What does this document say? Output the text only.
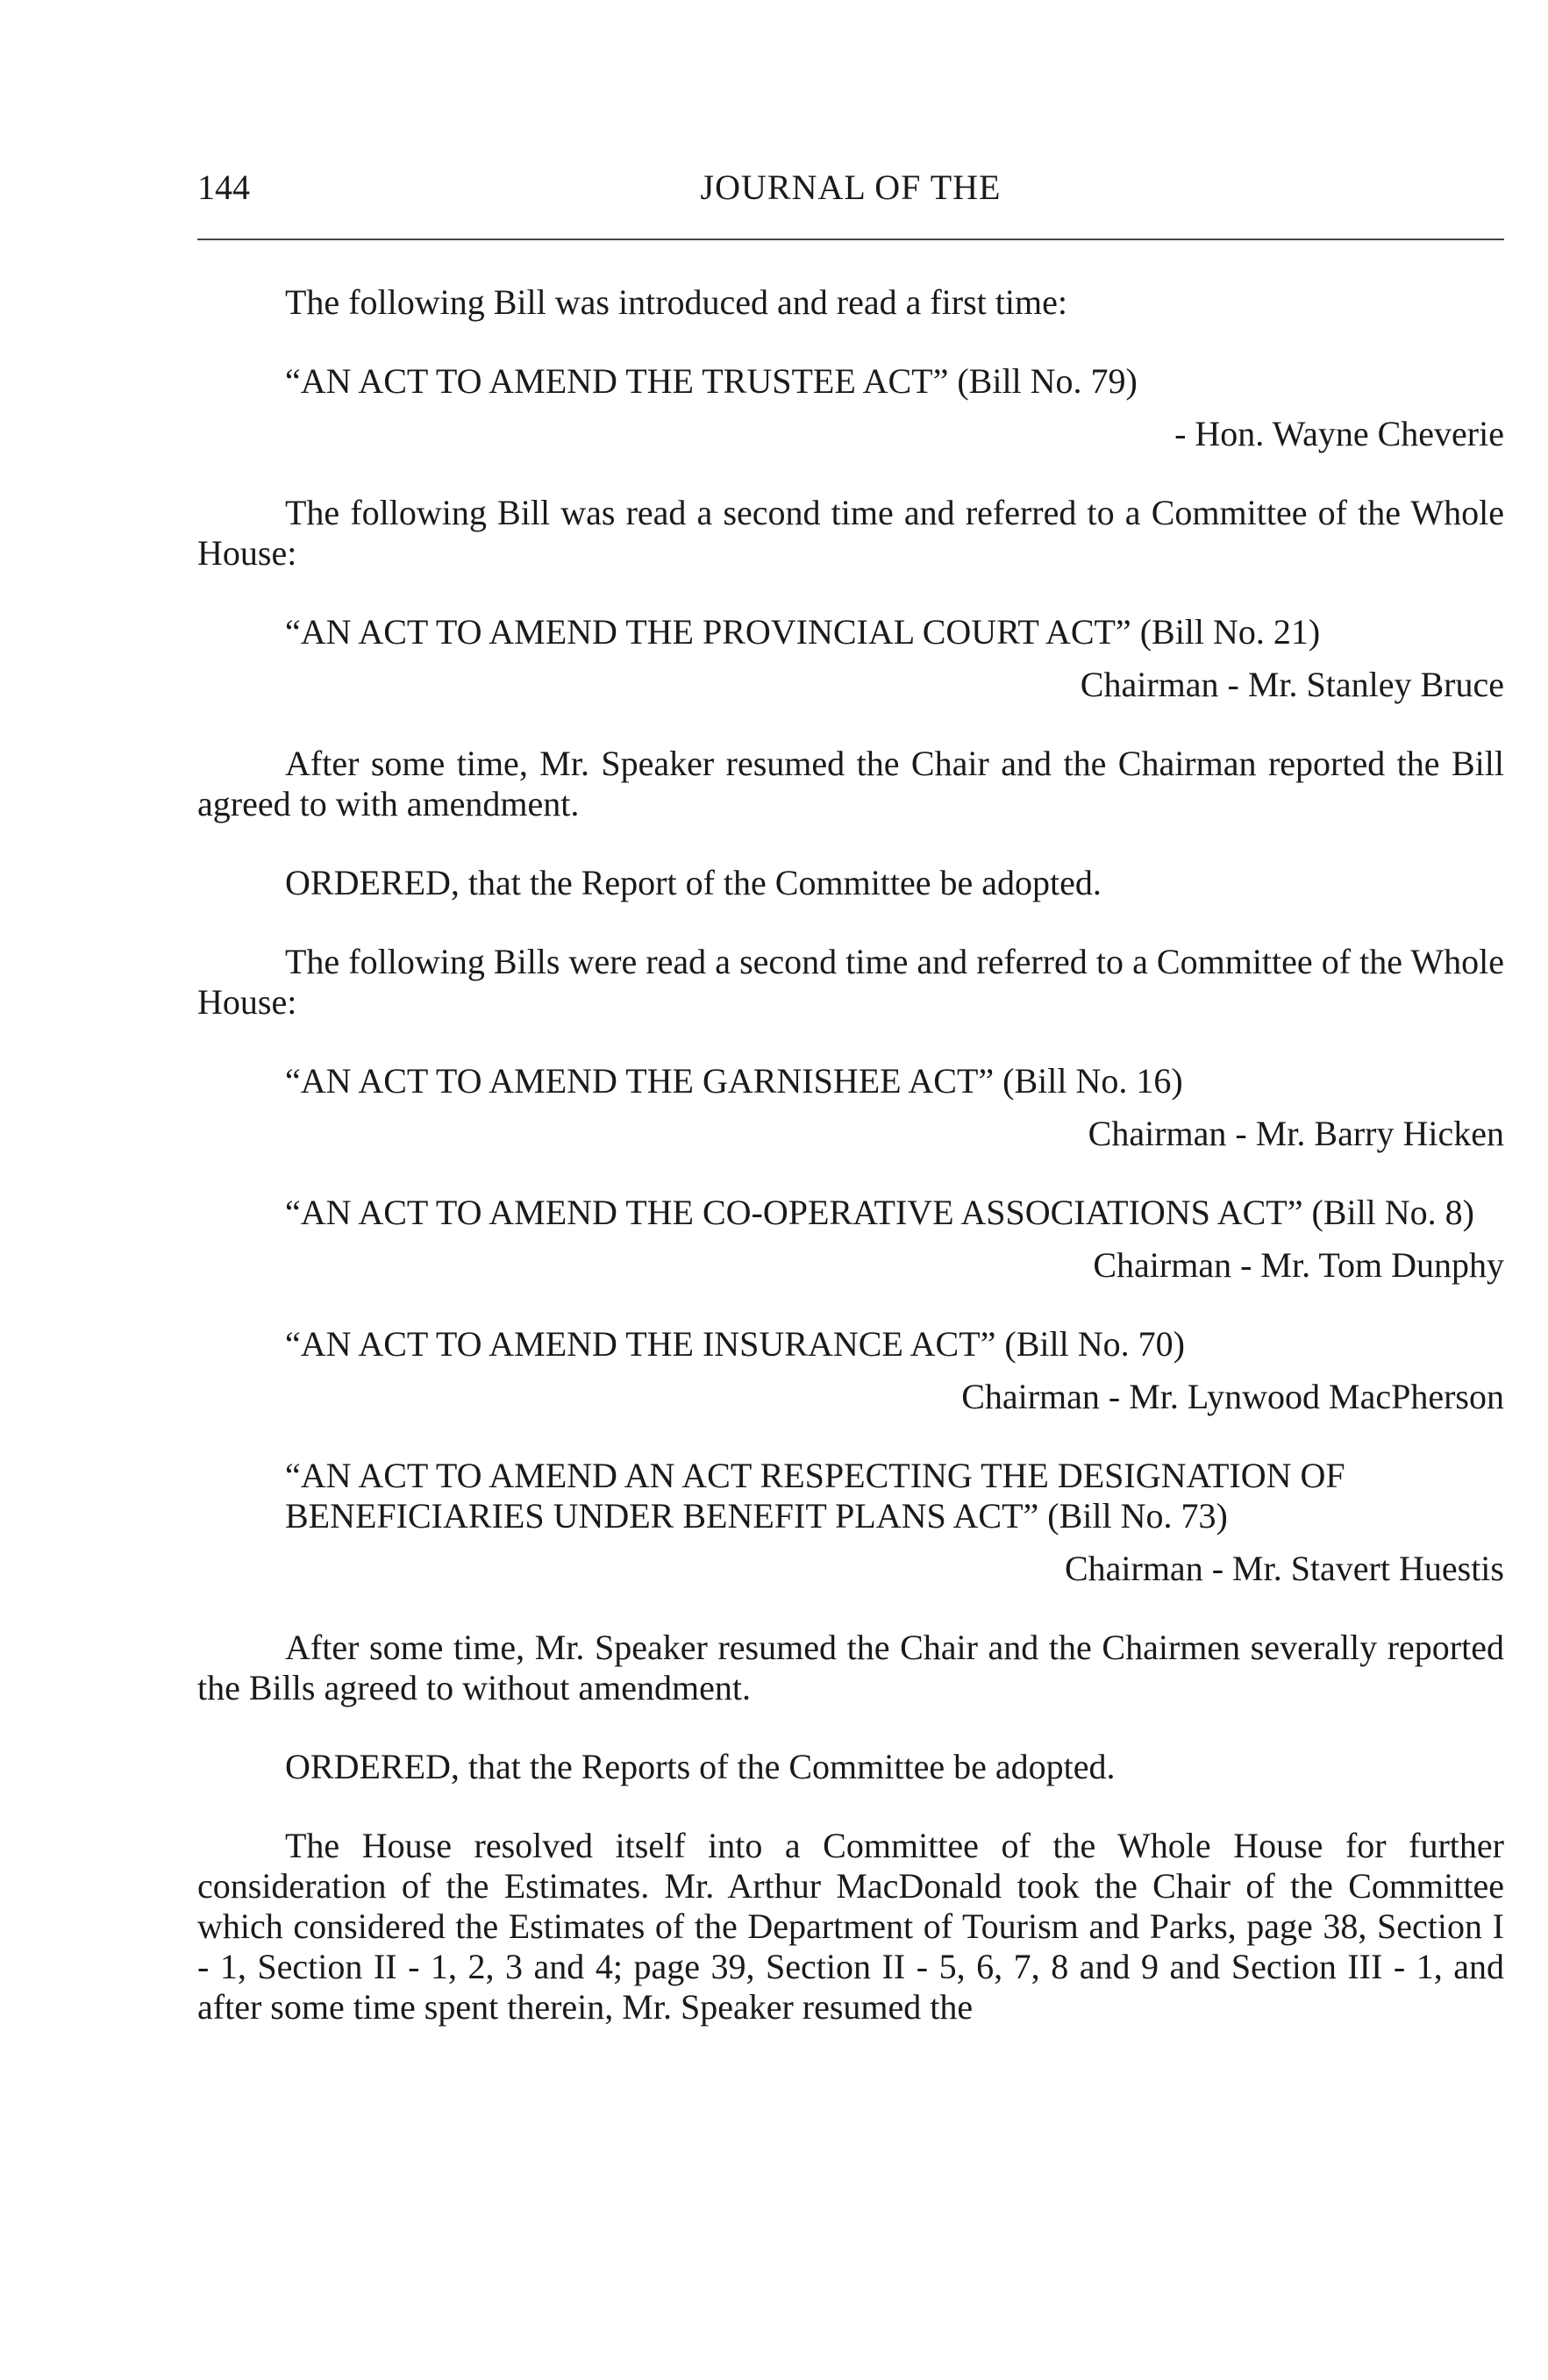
144	JOURNAL OF THE

The following Bill was introduced and read a first time:

“AN ACT TO AMEND THE TRUSTEE ACT” (Bill No. 79)
- Hon. Wayne Cheverie

The following Bill was read a second time and referred to a Committee of the Whole House:

“AN ACT TO AMEND THE PROVINCIAL COURT ACT” (Bill No. 21)
Chairman - Mr. Stanley Bruce

After some time, Mr. Speaker resumed the Chair and the Chairman reported the Bill agreed to with amendment.

ORDERED, that the Report of the Committee be adopted.

The following Bills were read a second time and referred to a Committee of the Whole House:

“AN ACT TO AMEND THE GARNISHEE ACT” (Bill No. 16)
Chairman - Mr. Barry Hicken
“AN ACT TO AMEND THE CO-OPERATIVE ASSOCIATIONS ACT” (Bill No. 8)
Chairman - Mr. Tom Dunphy
“AN ACT TO AMEND THE INSURANCE ACT” (Bill No. 70)
Chairman - Mr. Lynwood MacPherson
“AN ACT TO AMEND AN ACT RESPECTING THE DESIGNATION OF BENEFICIARIES UNDER BENEFIT PLANS ACT” (Bill No. 73)
Chairman - Mr. Stavert Huestis

After some time, Mr. Speaker resumed the Chair and the Chairmen severally reported the Bills agreed to without amendment.

ORDERED, that the Reports of the Committee be adopted.

The House resolved itself into a Committee of the Whole House for further consideration of the Estimates. Mr. Arthur MacDonald took the Chair of the Committee which considered the Estimates of the Department of Tourism and Parks, page 38, Section I - 1, Section II - 1, 2, 3 and 4; page 39, Section II - 5, 6, 7, 8 and 9 and Section III - 1, and after some time spent therein, Mr. Speaker resumed the
